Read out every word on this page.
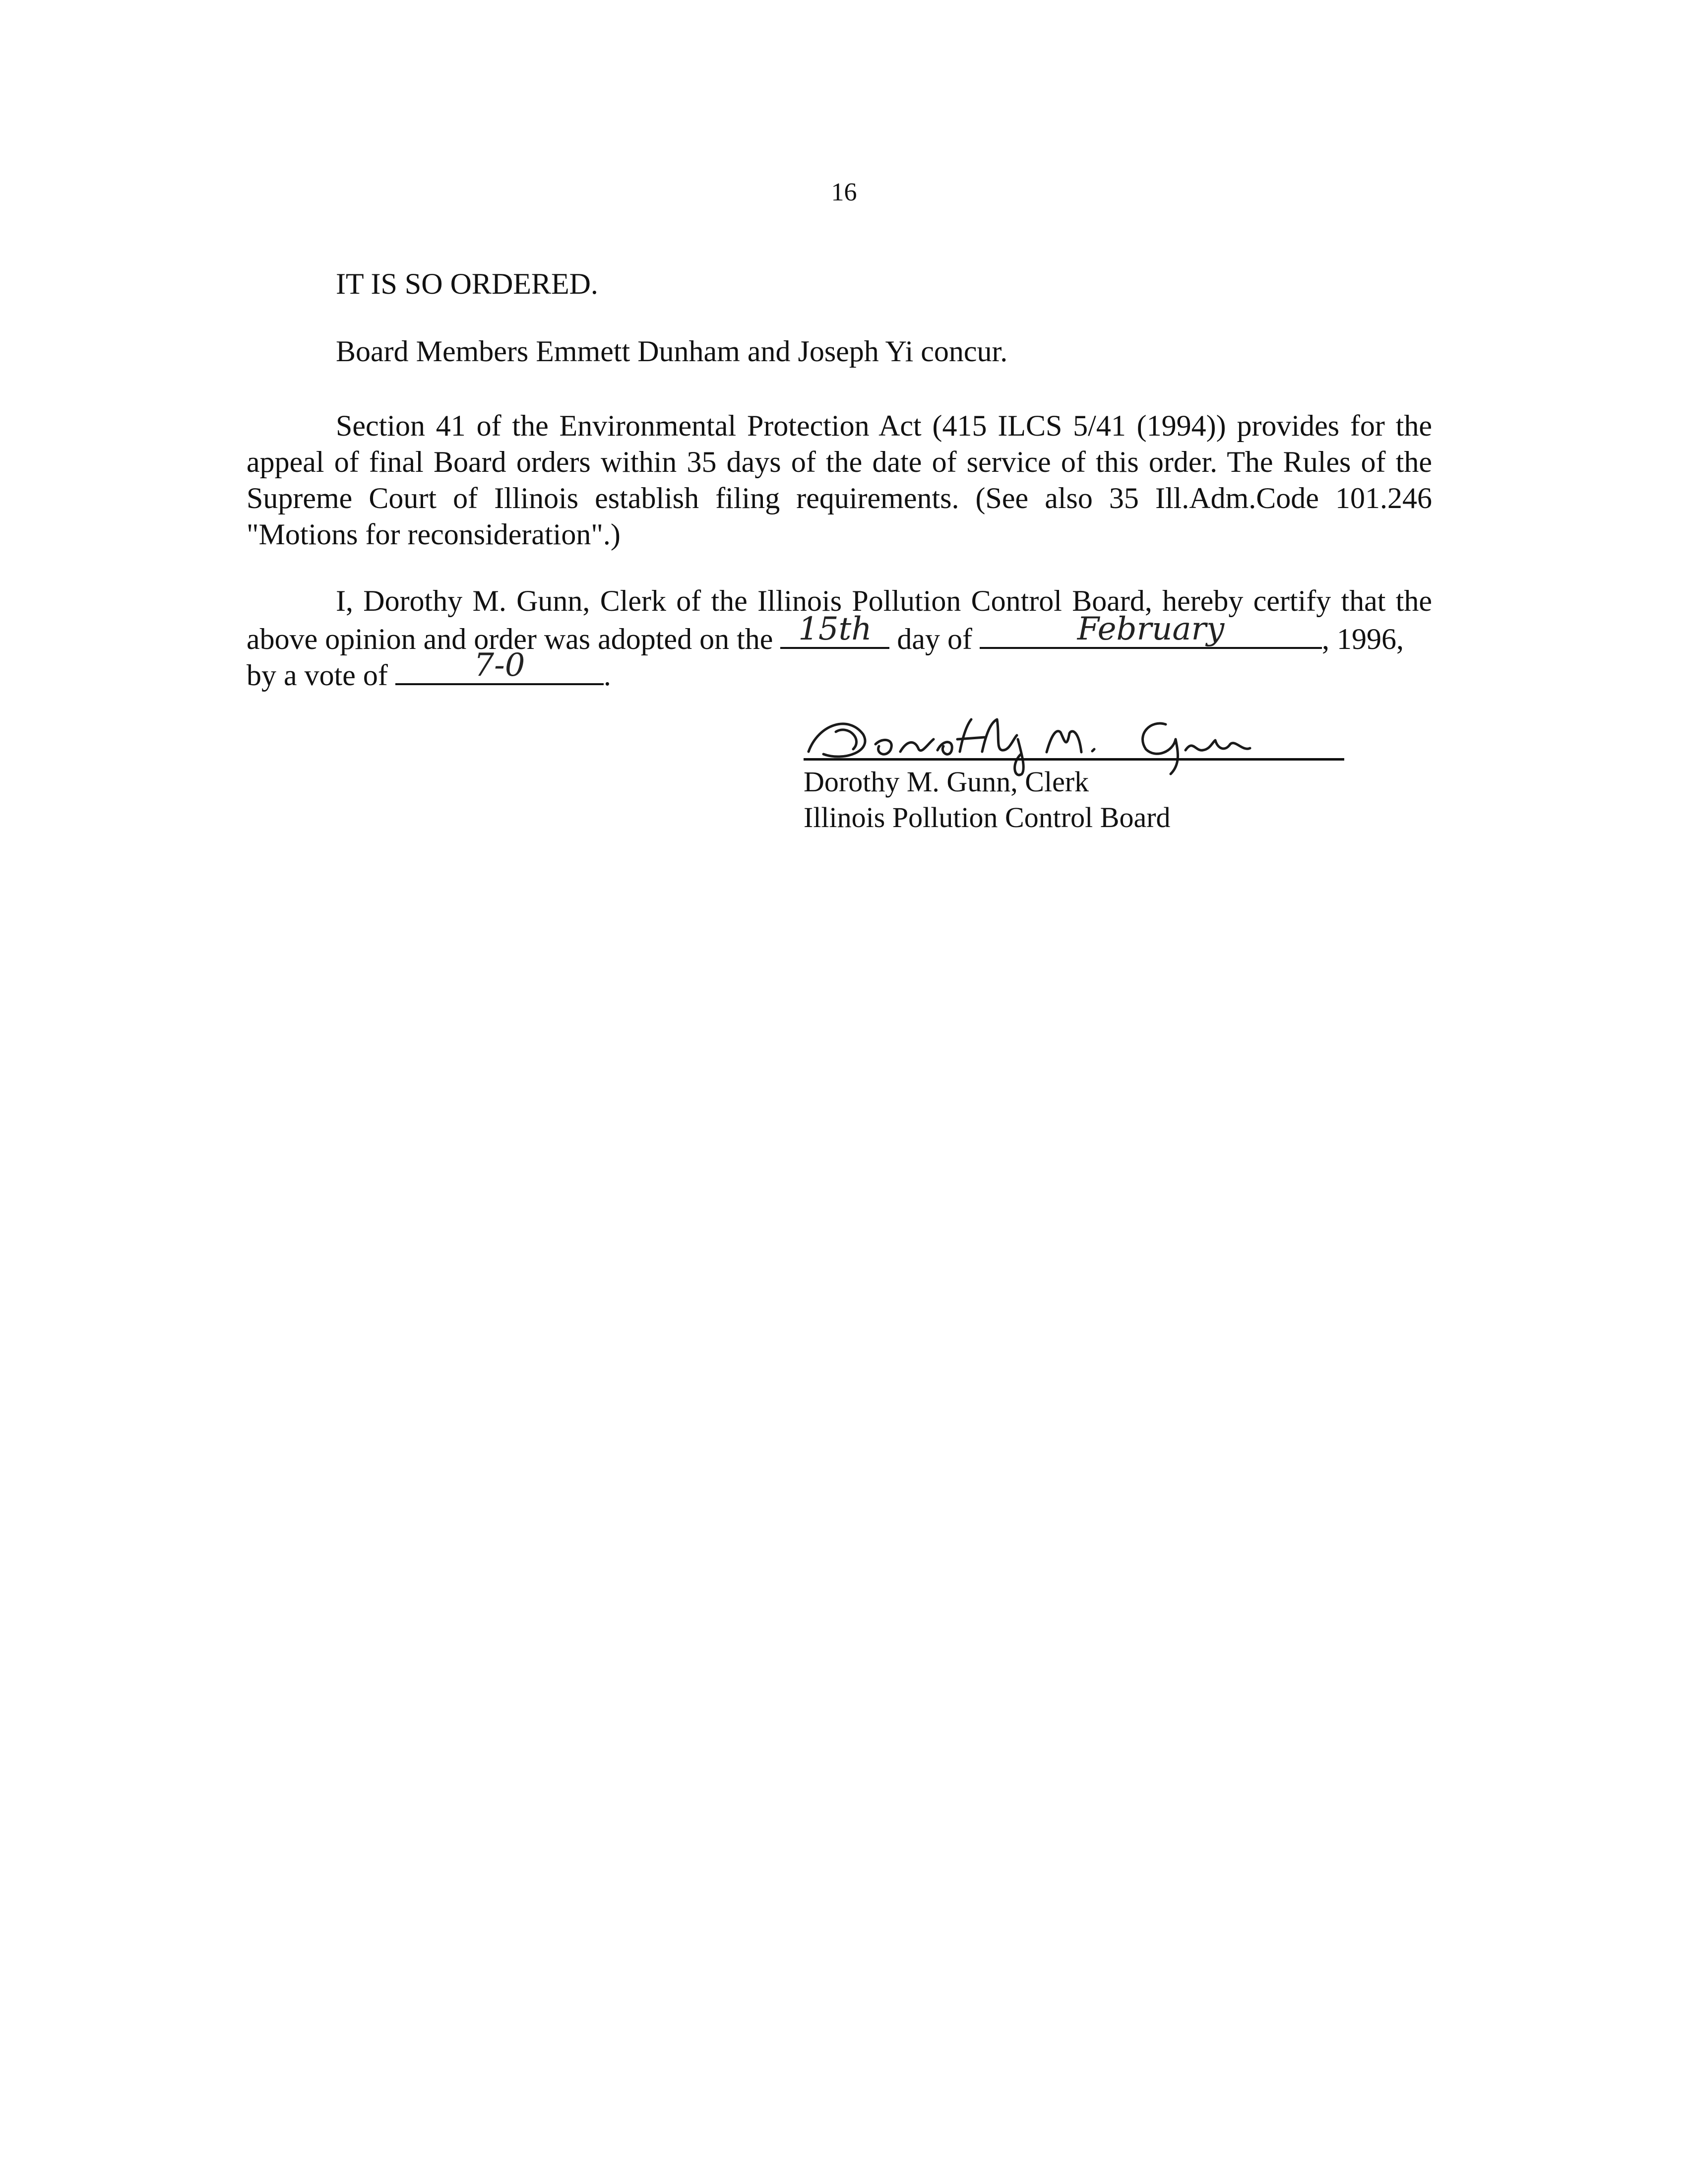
16
IT IS SO ORDERED.
Board Members Emmett Dunham and Joseph Yi concur.
Section 41 of the Environmental Protection Act (415 ILCS 5/41 (1994)) provides for the
appeal of final Board orders within 35 days of the date of service of this order. The Rules of the
Supreme Court of Illinois establish filing requirements. (See also 35 Ill.Adm.Code 101.246
"Motions for reconsideration".)
I, Dorothy M. Gunn, Clerk of the Illinois Pollution Control Board, hereby certify that the
above opinion and order was adopted on the 15th day of	February	, 1996,
by a vote of	7-0	.
Dorothy M. Gunn, Clerk
Illinois Pollution Control Board
